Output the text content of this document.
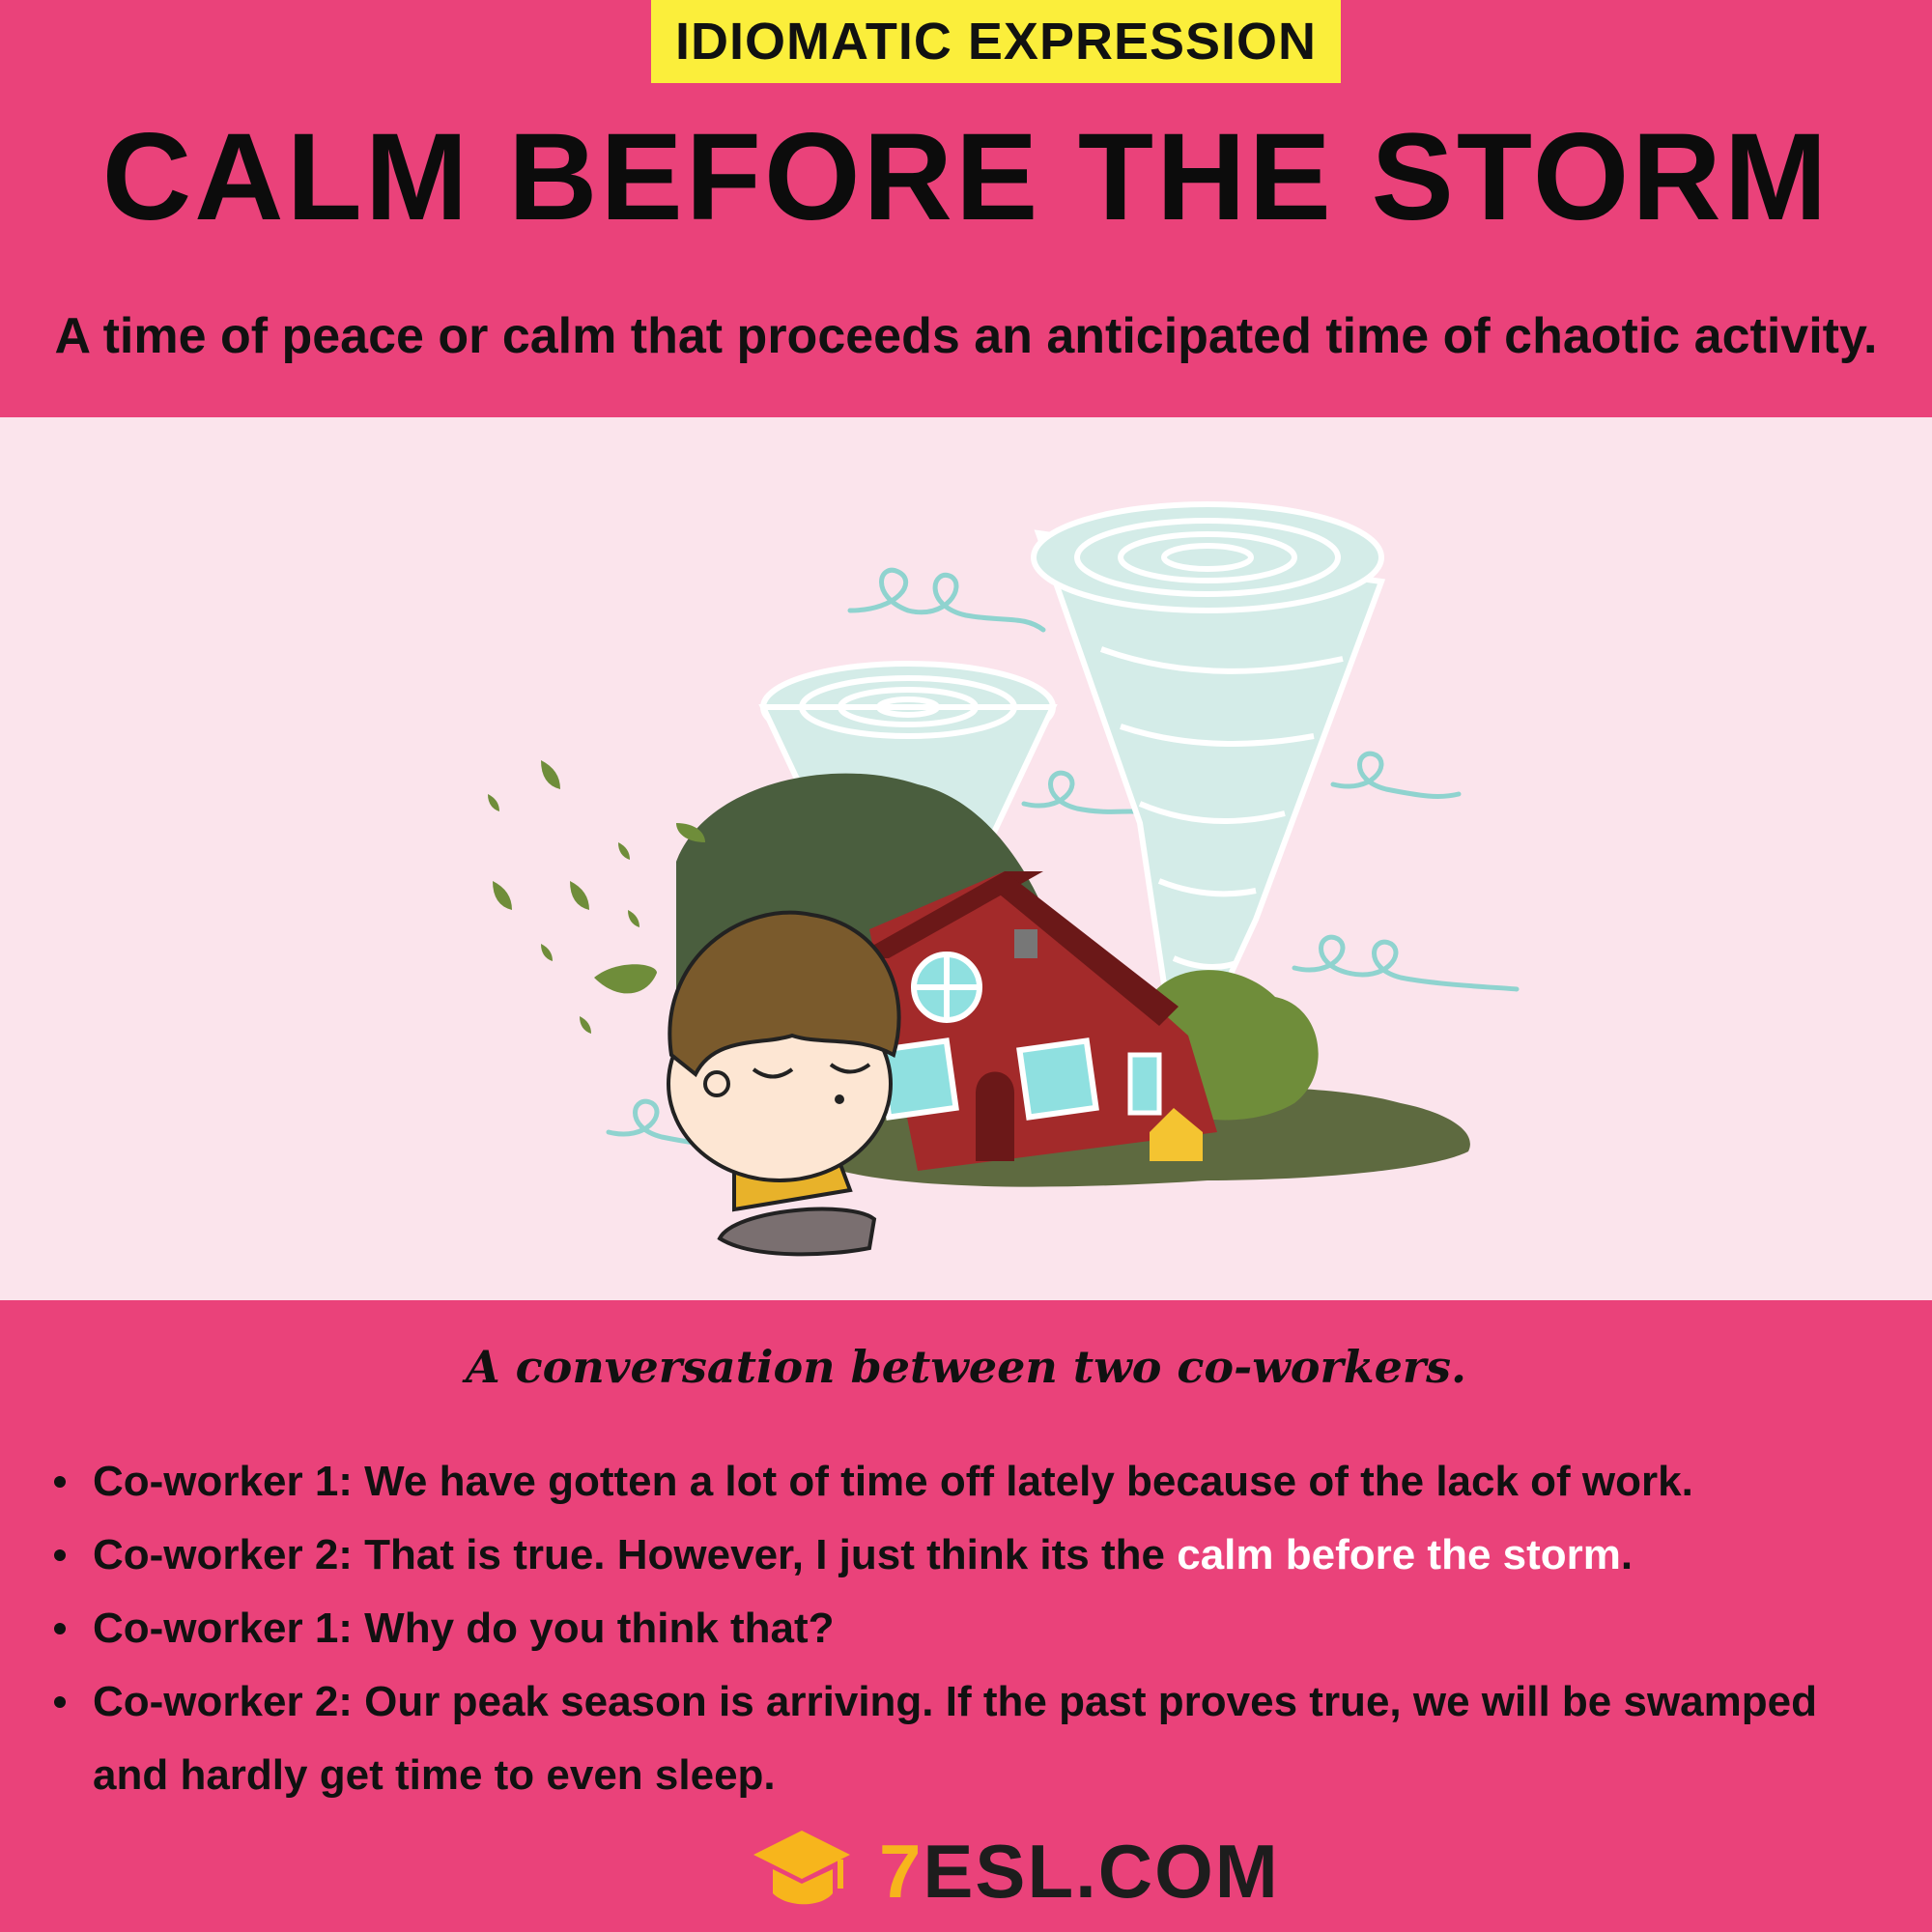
IDIOMATIC EXPRESSION
CALM BEFORE THE STORM
A time of peace or calm that proceeds an anticipated time of chaotic activity.
A conversation between two co-workers.
Co-worker 1: We have gotten a lot of time off lately because of the lack of work.
Co-worker 2: That is true. However, I just think its the calm before the storm.
Co-worker 1: Why do you think that?
Co-worker 2: Our peak season is arriving. If the past proves true, we will be swamped and hardly get time to even sleep.
7ESL.COM
